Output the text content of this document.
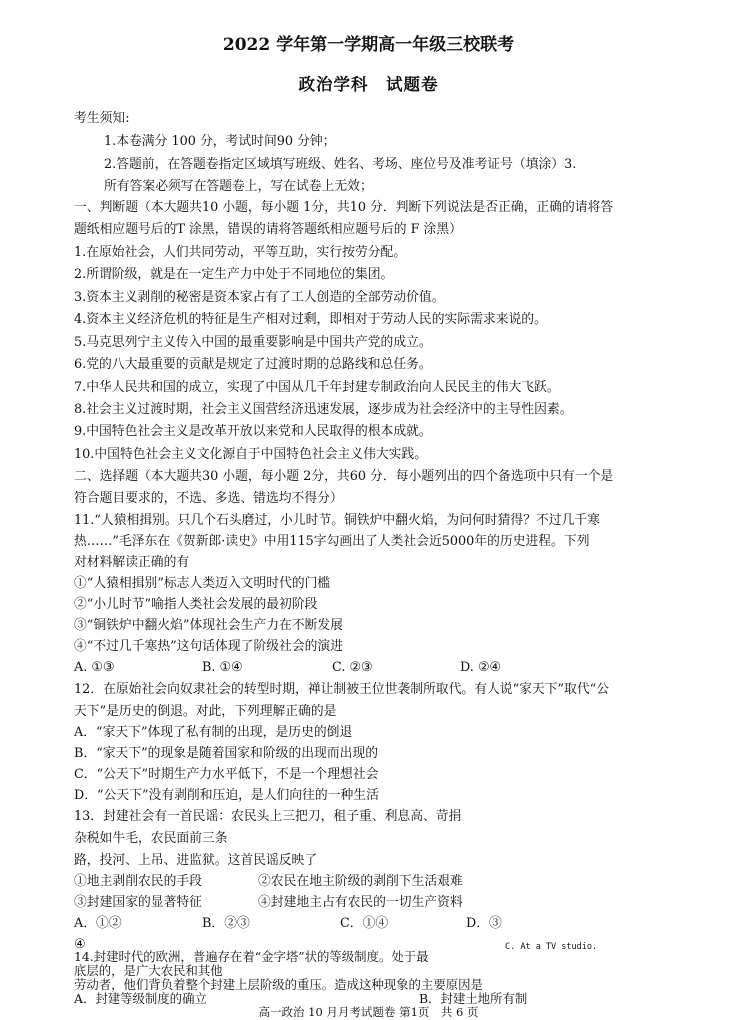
2022 学年第一学期高一年级三校联考
政治学科　试题卷
考生须知:
1.本卷满分 100 分，考试时间90 分钟；
2.答题前，在答题卷指定区域填写班级、姓名、考场、座位号及准考证号（填涂）3.
所有答案必须写在答题卷上，写在试卷上无效；
一、判断题（本大题共10 小题，每小题 1分，共10 分．判断下列说法是否正确，正确的请将答
题纸相应题号后的T 涂黑，错误的请将答题纸相应题号后的 F 涂黑）
1.在原始社会，人们共同劳动，平等互助，实行按劳分配。
2.所谓阶级，就是在一定生产力中处于不同地位的集团。
3.资本主义剥削的秘密是资本家占有了工人创造的全部劳动价值。
4.资本主义经济危机的特征是生产相对过剩，即相对于劳动人民的实际需求来说的。
5.马克思列宁主义传入中国的最重要影响是中国共产党的成立。
6.党的八大最重要的贡献是规定了过渡时期的总路线和总任务。
7.中华人民共和国的成立，实现了中国从几千年封建专制政治向人民民主的伟大飞跃。
8.社会主义过渡时期，社会主义国营经济迅速发展，逐步成为社会经济中的主导性因素。
9.中国特色社会主义是改革开放以来党和人民取得的根本成就。
10.中国特色社会主义文化源自于中国特色社会主义伟大实践。
二、选择题（本大题共30 小题，每小题 2分，共60 分．每小题列出的四个备选项中只有一个是
符合题目要求的，不选、多选、错选均不得分）
11.“人猿相揖别。只几个石头磨过，小儿时节。铜铁炉中翻火焰，为问何时猜得？不过几千寒
热……”毛泽东在《贺新郎·读史》中用115字勾画出了人类社会近5000年的历史进程。下列
对材料解读正确的有
①“人猿相揖别”标志人类迈入文明时代的门槛
②“小儿时节”喻指人类社会发展的最初阶段
③“铜铁炉中翻火焰”体现社会生产力在不断发展
④“不过几千寒热”这句话体现了阶级社会的演进
A. ①③	B. ①④	C. ②③	D. ②④
12．在原始社会向奴隶社会的转型时期，禅让制被王位世袭制所取代。有人说“家天下”取代“公
天下”是历史的倒退。对此，下列理解正确的是
A．“家天下”体现了私有制的出现，是历史的倒退
B．“家天下”的现象是随着国家和阶级的出现而出现的
C．“公天下”时期生产力水平低下，不是一个理想社会
D．“公天下”没有剥削和压迫，是人们向往的一种生活
13．封建社会有一首民谣：农民头上三把刀，租子重、利息高、苛捐
杂税如牛毛，农民面前三条
路，投河、上吊、进监狱。这首民谣反映了
①地主剥削农民的手段	②农民在地主阶级的剥削下生活艰难
③封建国家的显著特征	④封建地主占有农民的一切生产资料
A．①②	B．②③	C．①④	D．③
④	C. At a TV studio.
14.封建时代的欧洲，普遍存在着“金字塔”状的等级制度。处于最
底层的，是广大农民和其他
劳动者，他们背负着整个封建上层阶级的重压。造成这种现象的主要原因是
A．封建等级制度的确立	B．封建土地所有制
高一政治 10 月月考试题卷 第1页　共 6 页
